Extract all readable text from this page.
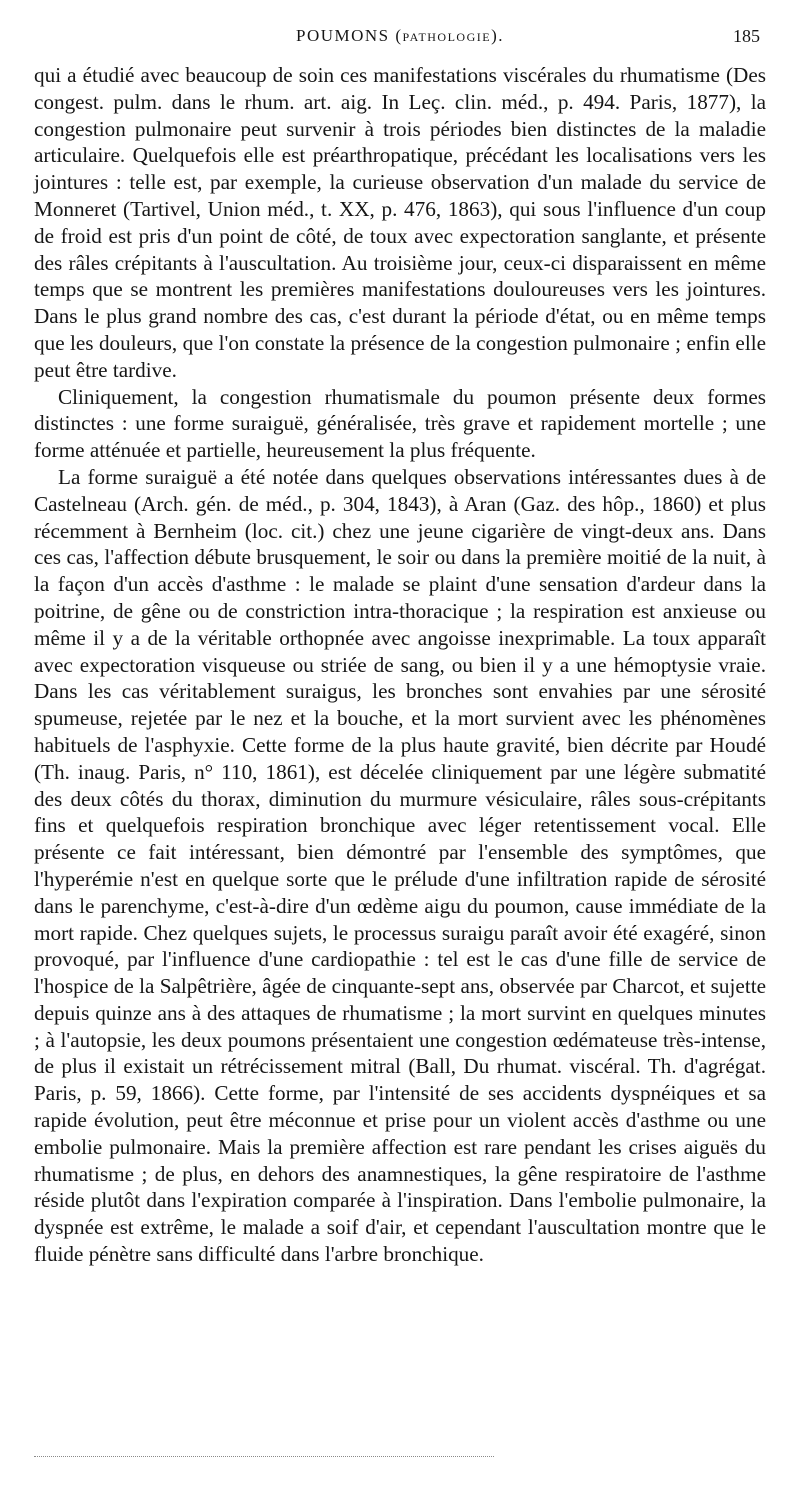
POUMONS (PATHOLOGIE).	185

qui a étudié avec beaucoup de soin ces manifestations viscérales du rhumatisme (Des congest. pulm. dans le rhum. art. aig. In Leç. clin. méd., p. 494. Paris, 1877), la congestion pulmonaire peut survenir à trois périodes bien distinctes de la maladie articulaire. Quelquefois elle est préarthropatique, précédant les localisations vers les jointures : telle est, par exemple, la curieuse observation d'un malade du service de Monneret (Tartivel, Union méd., t. XX, p. 476, 1863), qui sous l'influence d'un coup de froid est pris d'un point de côté, de toux avec expectoration sanglante, et présente des râles crépitants à l'auscultation. Au troisième jour, ceux-ci disparaissent en même temps que se montrent les premières manifestations douloureuses vers les jointures. Dans le plus grand nombre des cas, c'est durant la période d'état, ou en même temps que les douleurs, que l'on constate la présence de la congestion pulmonaire ; enfin elle peut être tardive.

Cliniquement, la congestion rhumatismale du poumon présente deux formes distinctes : une forme suraiguë, généralisée, très grave et rapidement mortelle ; une forme atténuée et partielle, heureusement la plus fréquente.

La forme suraiguë a été notée dans quelques observations intéressantes dues à de Castelneau (Arch. gén. de méd., p. 304, 1843), à Aran (Gaz. des hôp., 1860) et plus récemment à Bernheim (loc. cit.) chez une jeune cigarière de vingt-deux ans. Dans ces cas, l'affection débute brusquement, le soir ou dans la première moitié de la nuit, à la façon d'un accès d'asthme : le malade se plaint d'une sensation d'ardeur dans la poitrine, de gêne ou de constriction intra-thoracique ; la respiration est anxieuse ou même il y a de la véritable orthopnée avec angoisse inexprimable. La toux apparaît avec expectoration visqueuse ou striée de sang, ou bien il y a une hémoptysie vraie. Dans les cas véritablement suraigus, les bronches sont envahies par une sérosité spumeuse, rejetée par le nez et la bouche, et la mort survient avec les phénomènes habituels de l'asphyxie. Cette forme de la plus haute gravité, bien décrite par Houdé (Th. inaug. Paris, n° 110, 1861), est décelée cliniquement par une légère submatité des deux côtés du thorax, diminution du murmure vésiculaire, râles sous-crépitants fins et quelquefois respiration bronchique avec léger retentissement vocal. Elle présente ce fait intéressant, bien démontré par l'ensemble des symptômes, que l'hyperémie n'est en quelque sorte que le prélude d'une infiltration rapide de sérosité dans le parenchyme, c'est-à-dire d'un œdème aigu du poumon, cause immédiate de la mort rapide. Chez quelques sujets, le processus suraigu paraît avoir été exagéré, sinon provoqué, par l'influence d'une cardiopathie : tel est le cas d'une fille de service de l'hospice de la Salpêtrière, âgée de cinquante-sept ans, observée par Charcot, et sujette depuis quinze ans à des attaques de rhumatisme ; la mort survint en quelques minutes ; à l'autopsie, les deux poumons présentaient une congestion œdémateuse très-intense, de plus il existait un rétrécissement mitral (Ball, Du rhumat. viscéral. Th. d'agrégat. Paris, p. 59, 1866). Cette forme, par l'intensité de ses accidents dyspnéiques et sa rapide évolution, peut être méconnue et prise pour un violent accès d'asthme ou une embolie pulmonaire. Mais la première affection est rare pendant les crises aiguës du rhumatisme ; de plus, en dehors des anamnestiques, la gêne respiratoire de l'asthme réside plutôt dans l'expiration comparée à l'inspiration. Dans l'embolie pulmonaire, la dyspnée est extrême, le malade a soif d'air, et cependant l'auscultation montre que le fluide pénètre sans difficulté dans l'arbre bronchique.
